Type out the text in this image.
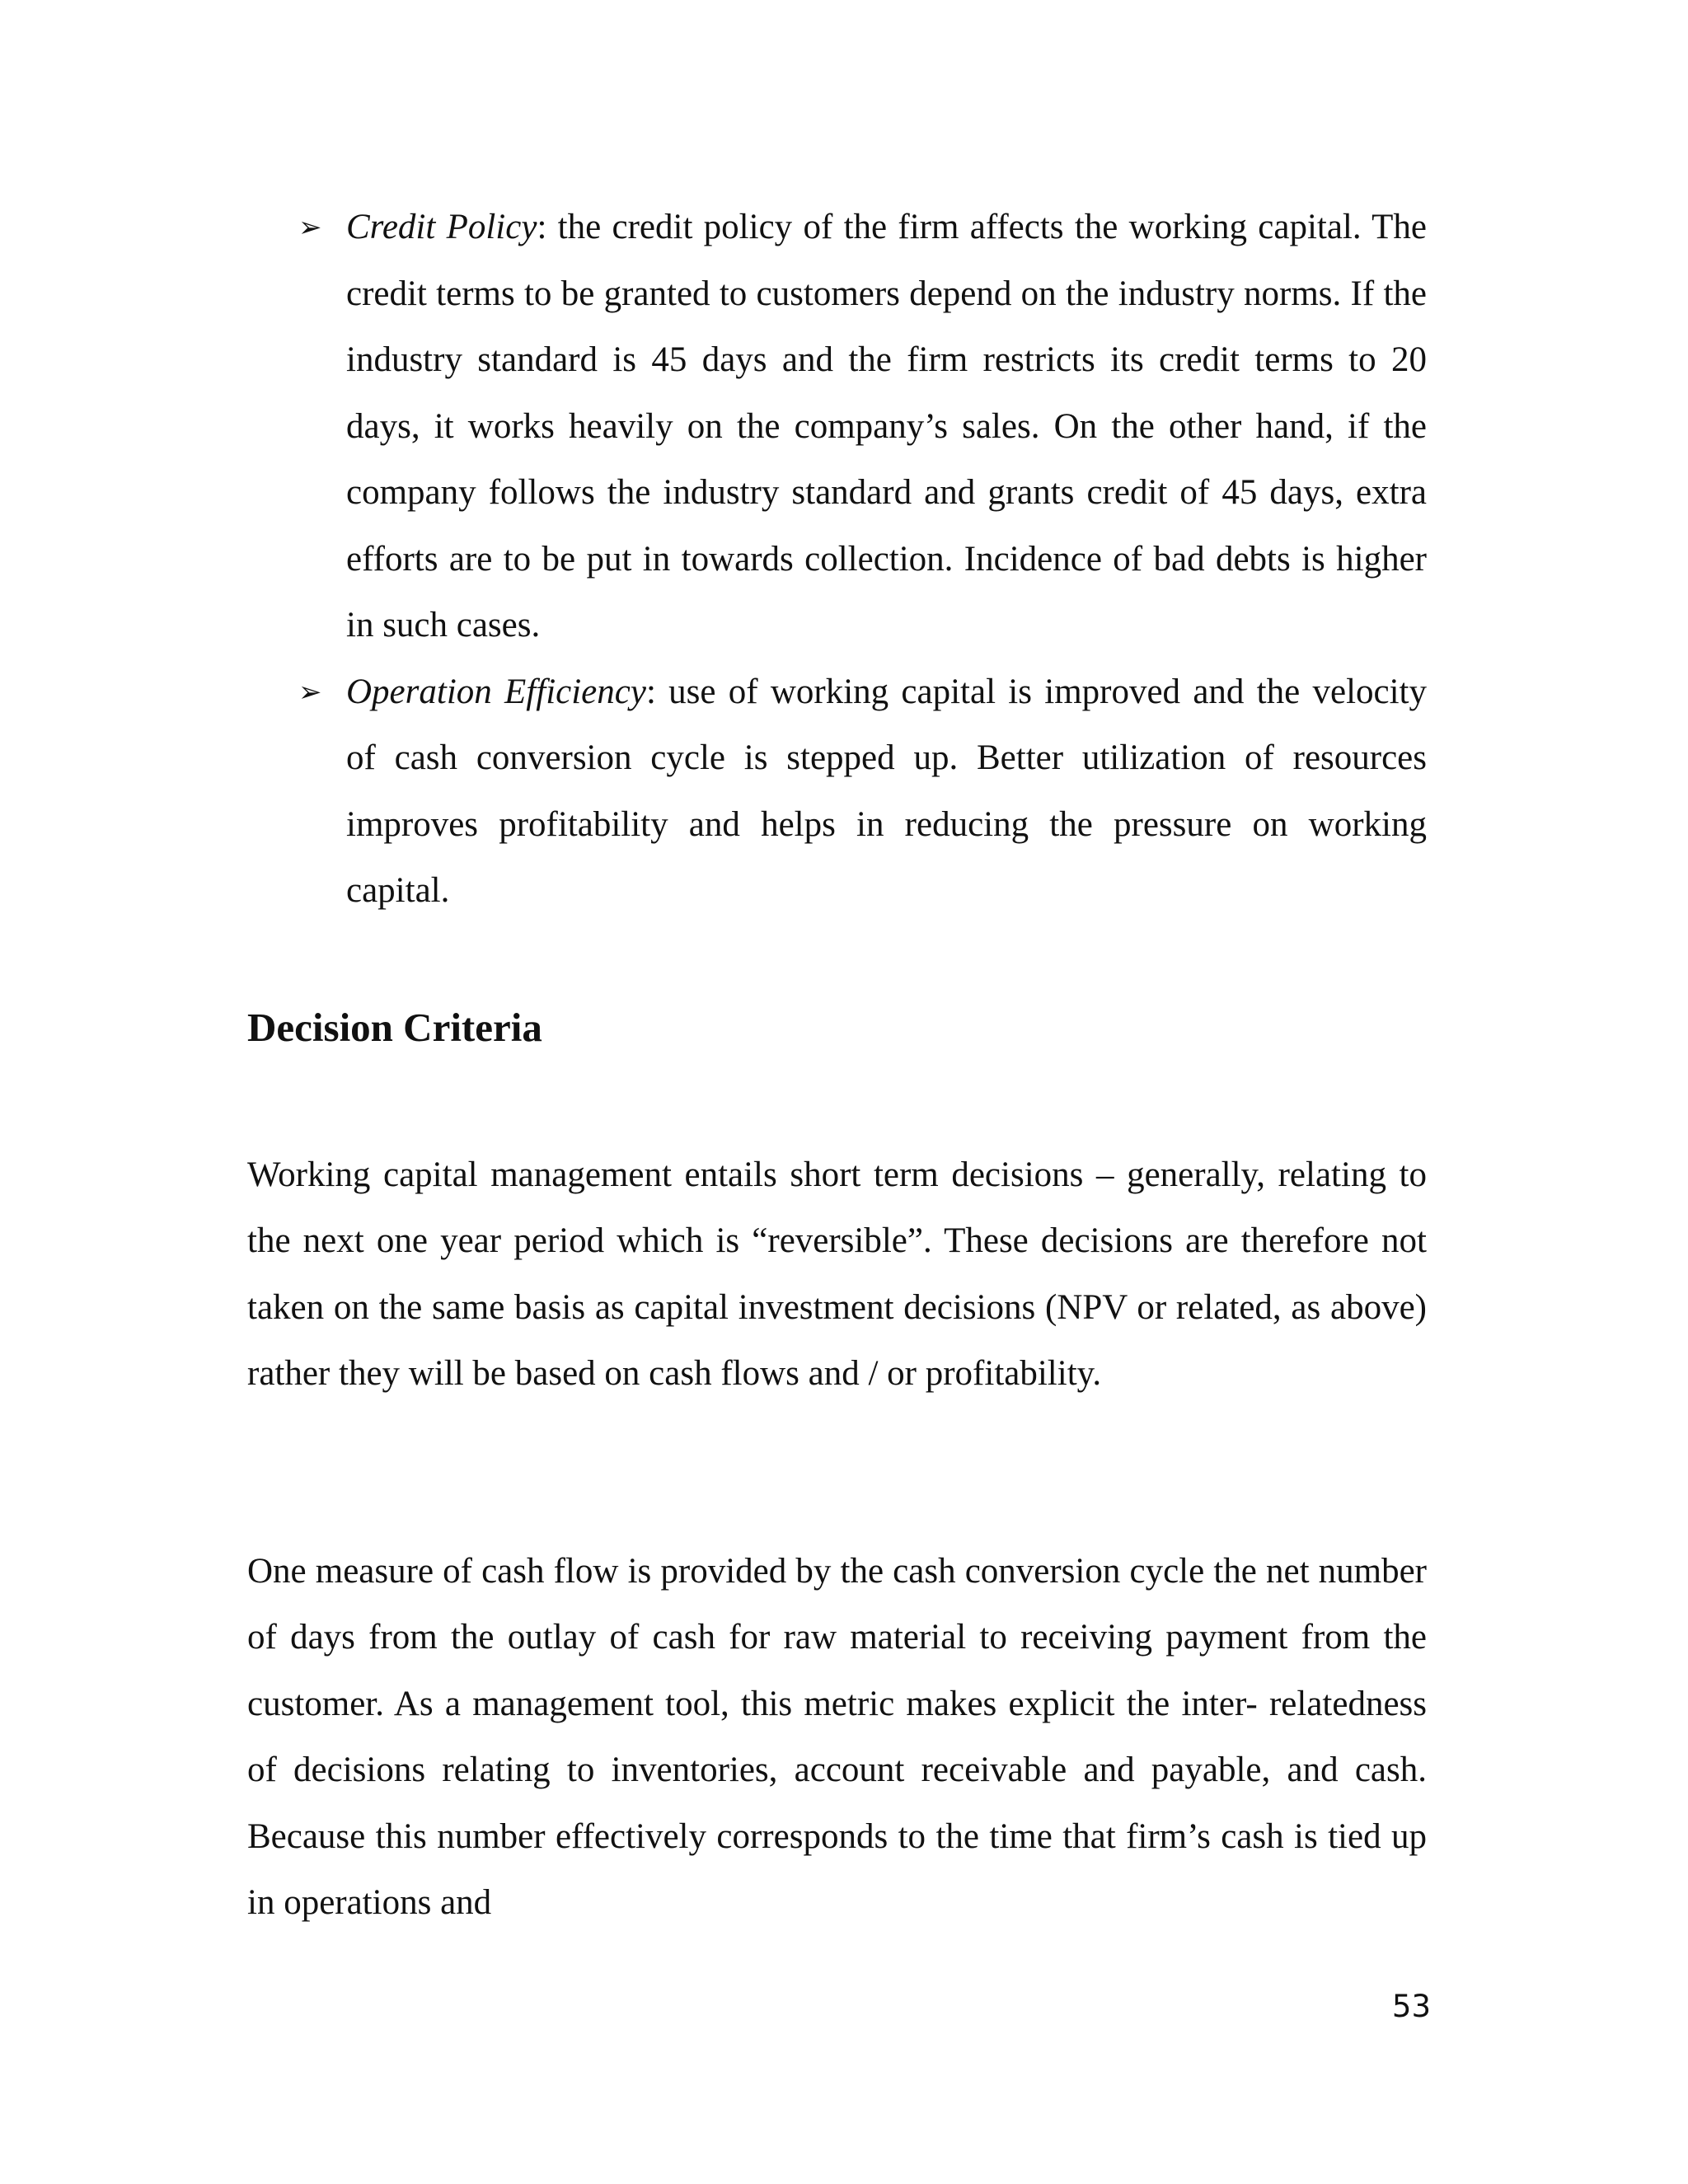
➢ Credit Policy: the credit policy of the firm affects the working capital. The credit terms to be granted to customers depend on the industry norms. If the industry standard is 45 days and the firm restricts its credit terms to 20 days, it works heavily on the company’s sales. On the other hand, if the company follows the industry standard and grants credit of 45 days, extra efforts are to be put in towards collection. Incidence of bad debts is higher in such cases.
➢ Operation Efficiency: use of working capital is improved and the velocity of cash conversion cycle is stepped up. Better utilization of resources improves profitability and helps in reducing the pressure on working capital.
Decision Criteria

Working capital management entails short term decisions – generally, relating to the next one year period which is “reversible”. These decisions are therefore not taken on the same basis as capital investment decisions (NPV or related, as above) rather they will be based on cash flows and / or profitability.

One measure of cash flow is provided by the cash conversion cycle the net number of days from the outlay of cash for raw material to receiving payment from the customer. As a management tool, this metric makes explicit the inter- relatedness of decisions relating to inventories, account receivable and payable, and cash. Because this number effectively corresponds to the time that firm’s cash is tied up in operations and

53
